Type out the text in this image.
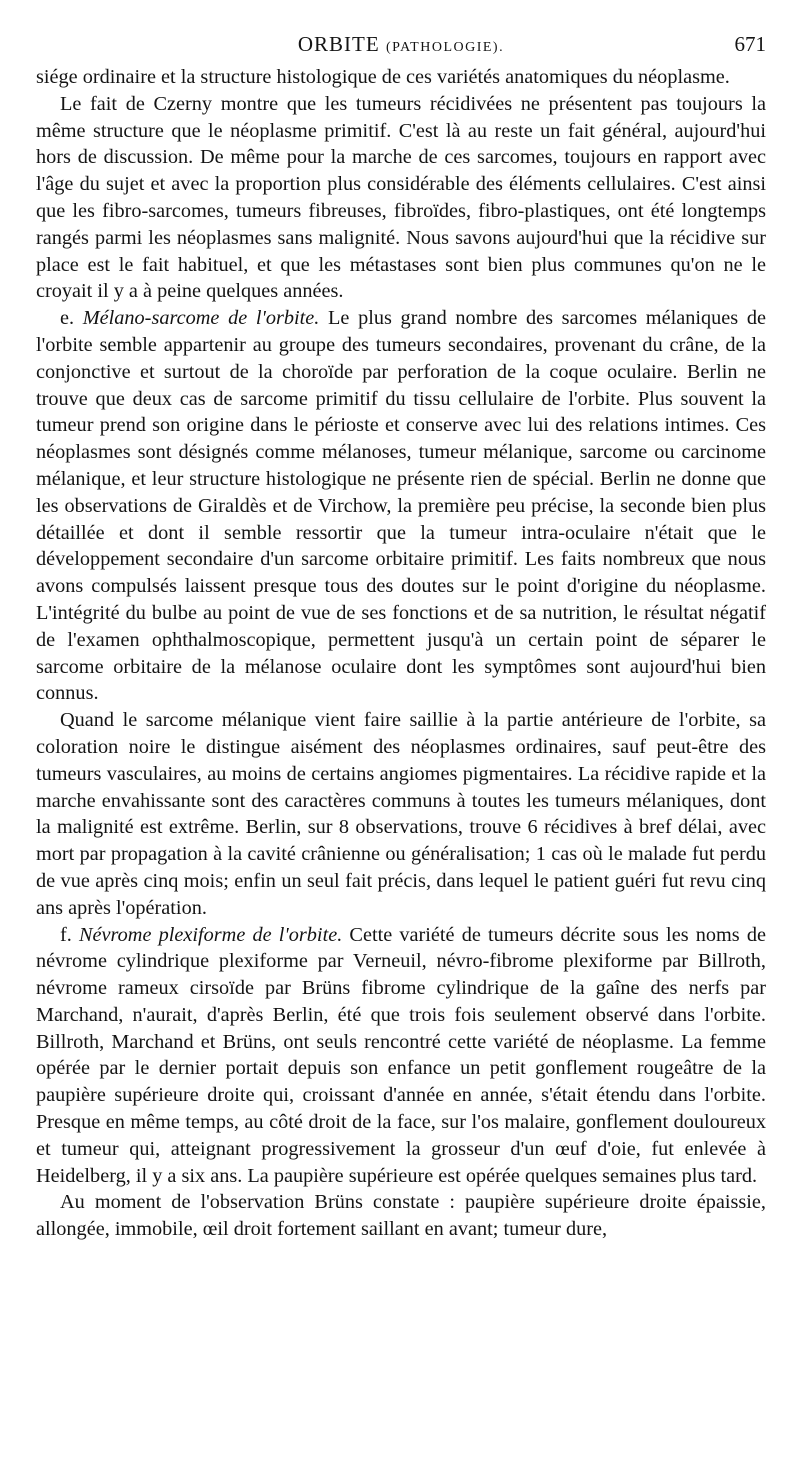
ORBITE (PATHOLOGIE).	671

siége ordinaire et la structure histologique de ces variétés anatomiques du néoplasme.

Le fait de Czerny montre que les tumeurs récidivées ne présentent pas toujours la même structure que le néoplasme primitif. C'est là au reste un fait général, aujourd'hui hors de discussion. De même pour la marche de ces sarcomes, toujours en rapport avec l'âge du sujet et avec la proportion plus considérable des éléments cellulaires. C'est ainsi que les fibro-sarcomes, tumeurs fibreuses, fibroïdes, fibro-plastiques, ont été longtemps rangés parmi les néoplasmes sans malignité. Nous savons aujourd'hui que la récidive sur place est le fait habituel, et que les métastases sont bien plus communes qu'on ne le croyait il y a à peine quelques années.

e. Mélano-sarcome de l'orbite. Le plus grand nombre des sarcomes mélaniques de l'orbite semble appartenir au groupe des tumeurs secondaires, provenant du crâne, de la conjonctive et surtout de la choroïde par perforation de la coque oculaire. Berlin ne trouve que deux cas de sarcome primitif du tissu cellulaire de l'orbite. Plus souvent la tumeur prend son origine dans le périoste et conserve avec lui des relations intimes. Ces néoplasmes sont désignés comme mélanoses, tumeur mélanique, sarcome ou carcinome mélanique, et leur structure histologique ne présente rien de spécial. Berlin ne donne que les observations de Giraldès et de Virchow, la première peu précise, la seconde bien plus détaillée et dont il semble ressortir que la tumeur intra-oculaire n'était que le développement secondaire d'un sarcome orbitaire primitif. Les faits nombreux que nous avons compulsés laissent presque tous des doutes sur le point d'origine du néoplasme. L'intégrité du bulbe au point de vue de ses fonctions et de sa nutrition, le résultat négatif de l'examen ophthalmoscopique, permettent jusqu'à un certain point de séparer le sarcome orbitaire de la mélanose oculaire dont les symptômes sont aujourd'hui bien connus.

Quand le sarcome mélanique vient faire saillie à la partie antérieure de l'orbite, sa coloration noire le distingue aisément des néoplasmes ordinaires, sauf peut-être des tumeurs vasculaires, au moins de certains angiomes pigmentaires. La récidive rapide et la marche envahissante sont des caractères communs à toutes les tumeurs mélaniques, dont la malignité est extrême. Berlin, sur 8 observations, trouve 6 récidives à bref délai, avec mort par propagation à la cavité crânienne ou généralisation; 1 cas où le malade fut perdu de vue après cinq mois; enfin un seul fait précis, dans lequel le patient guéri fut revu cinq ans après l'opération.

f. Névrome plexiforme de l'orbite. Cette variété de tumeurs décrite sous les noms de névrome cylindrique plexiforme par Verneuil, névro-fibrome plexiforme par Billroth, névrome rameux cirsoïde par Brüns fibrome cylindrique de la gaîne des nerfs par Marchand, n'aurait, d'après Berlin, été que trois fois seulement observé dans l'orbite. Billroth, Marchand et Brüns, ont seuls rencontré cette variété de néoplasme. La femme opérée par le dernier portait depuis son enfance un petit gonflement rougeâtre de la paupière supérieure droite qui, croissant d'année en année, s'était étendu dans l'orbite. Presque en même temps, au côté droit de la face, sur l'os malaire, gonflement douloureux et tumeur qui, atteignant progressivement la grosseur d'un œuf d'oie, fut enlevée à Heidelberg, il y a six ans. La paupière supérieure est opérée quelques semaines plus tard.

Au moment de l'observation Brüns constate : paupière supérieure droite épaissie, allongée, immobile, œil droit fortement saillant en avant; tumeur dure,
